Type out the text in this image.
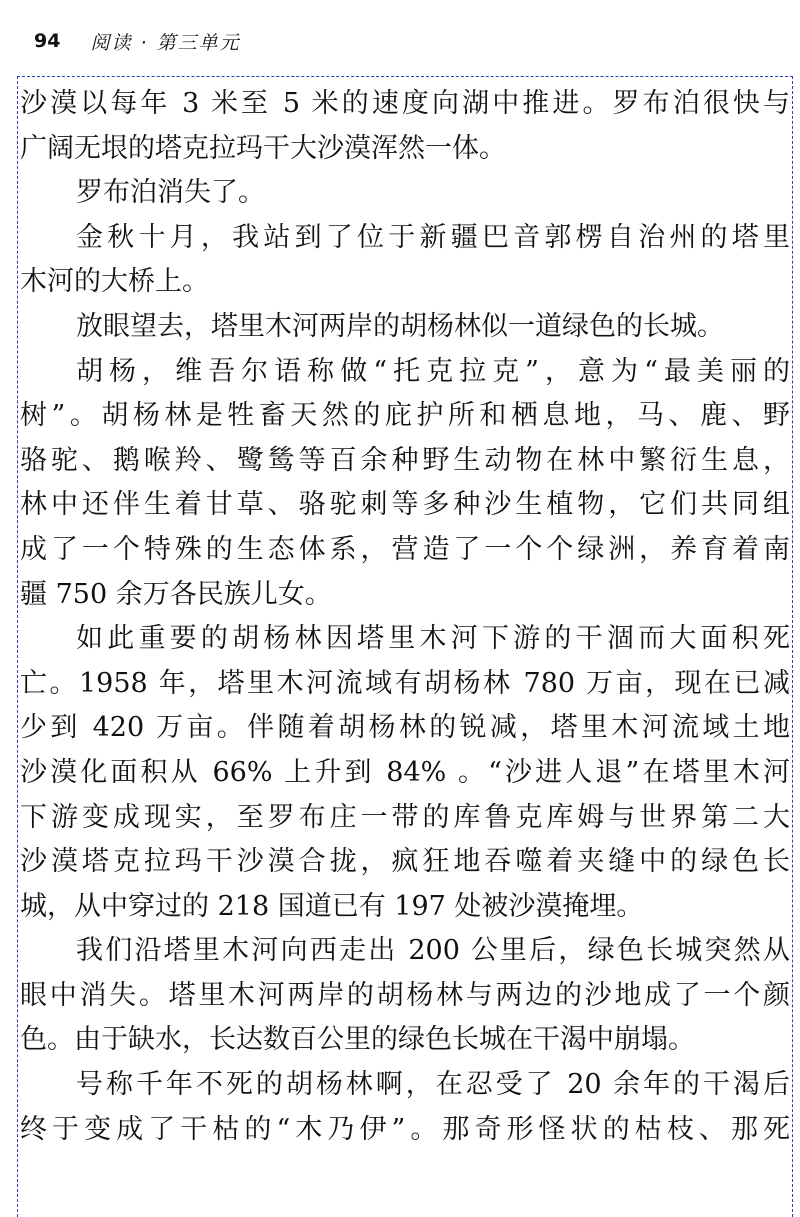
94 阅读 · 第三单元
沙漠以每年 3 米至 5 米的速度向湖中推进。罗布泊很快与
广阔无垠的塔克拉玛干大沙漠浑然一体。
罗布泊消失了。
金秋十月，我站到了位于新疆巴音郭楞自治州的塔里
木河的大桥上。
放眼望去，塔里木河两岸的胡杨林似一道绿色的长城。
胡杨，维吾尔语称做“托克拉克”，意为“最美丽的
树”。胡杨林是牲畜天然的庇护所和栖息地，马、鹿、野
骆驼、鹅喉羚、鹭鸶等百余种野生动物在林中繁衍生息，
林中还伴生着甘草、骆驼刺等多种沙生植物，它们共同组
成了一个特殊的生态体系，营造了一个个绿洲，养育着南
疆 750 余万各民族儿女。
如此重要的胡杨林因塔里木河下游的干涸而大面积死
亡。1958 年，塔里木河流域有胡杨林 780 万亩，现在已减
少到 420 万亩。伴随着胡杨林的锐减，塔里木河流域土地
沙漠化面积从 66% 上升到 84% 。“沙进人退”在塔里木河
下游变成现实，至罗布庄一带的库鲁克库姆与世界第二大
沙漠塔克拉玛干沙漠合拢，疯狂地吞噬着夹缝中的绿色长
城，从中穿过的 218 国道已有 197 处被沙漠掩埋。
我们沿塔里木河向西走出 200 公里后，绿色长城突然从
眼中消失。塔里木河两岸的胡杨林与两边的沙地成了一个颜
色。由于缺水，长达数百公里的绿色长城在干渴中崩塌。
号称千年不死的胡杨林啊，在忍受了 20 余年的干渴后
终于变成了干枯的“木乃伊”。那奇形怪状的枯枝、那死
